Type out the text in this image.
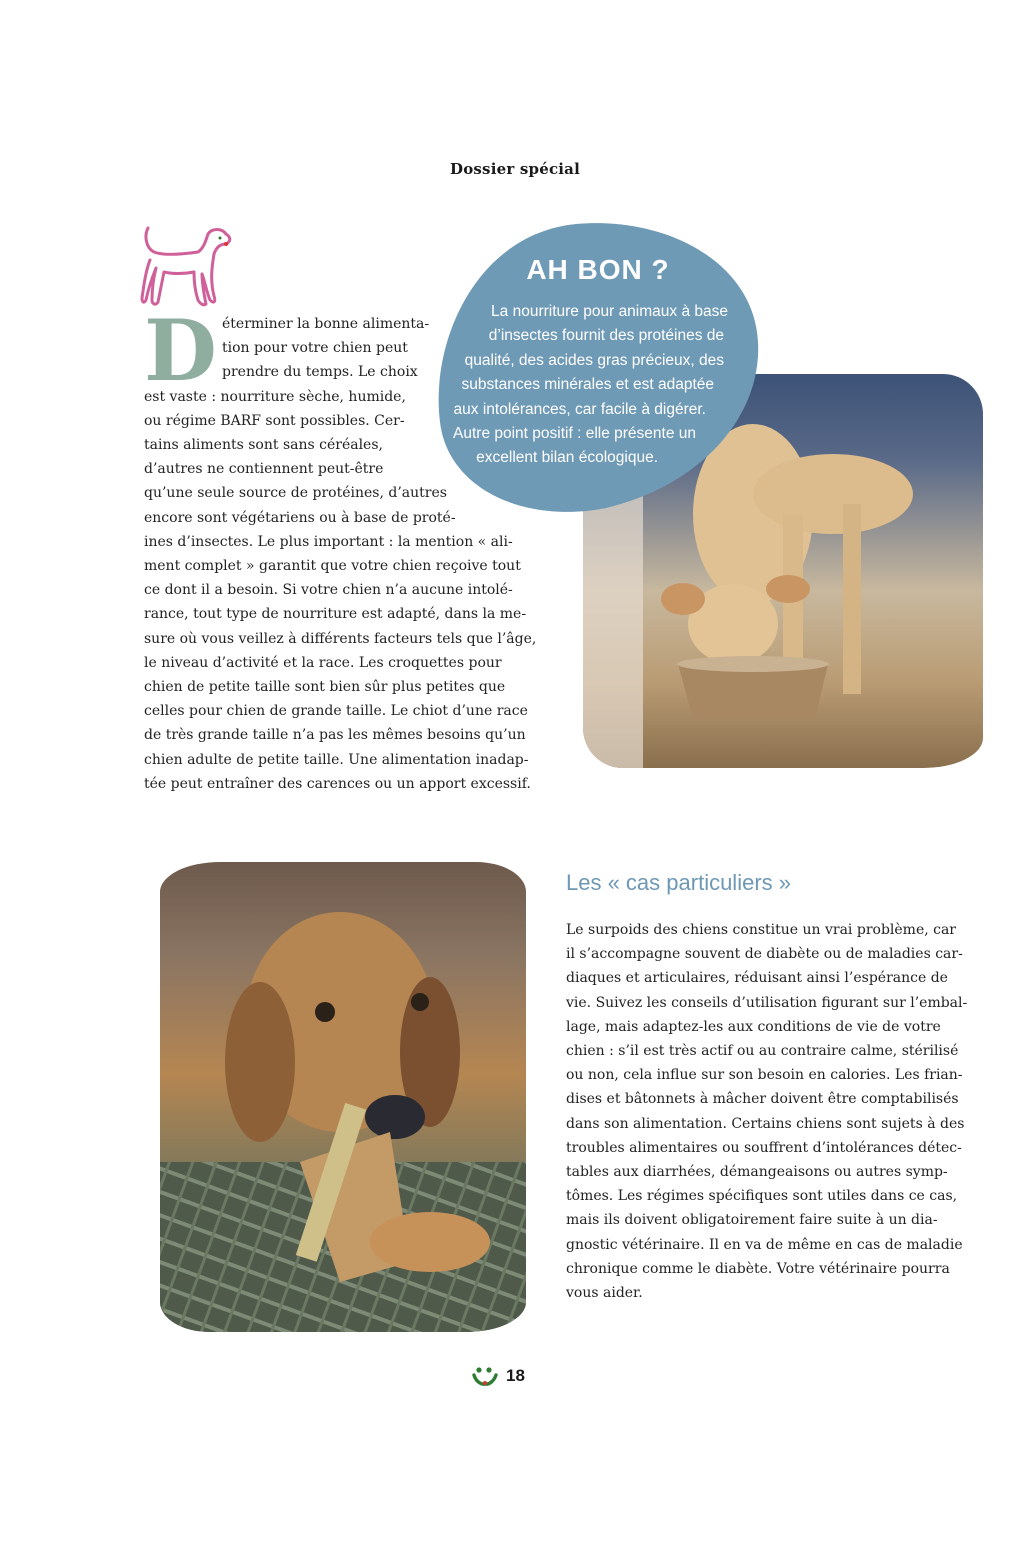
Dossier spécial
D éterminer la bonne alimenta-
tion pour votre chien peut
prendre du temps. Le choix
est vaste : nourriture sèche, humide,
ou régime BARF sont possibles. Cer-
tains aliments sont sans céréales,
d’autres ne contiennent peut-être
qu’une seule source de protéines, d’autres
encore sont végétariens ou à base de proté-
ines d’insectes. Le plus important : la mention « ali-
ment complet » garantit que votre chien reçoive tout
ce dont il a besoin. Si votre chien n’a aucune intolé-
rance, tout type de nourriture est adapté, dans la me-
sure où vous veillez à différents facteurs tels que l’âge,
le niveau d’activité et la race. Les croquettes pour
chien de petite taille sont bien sûr plus petites que
celles pour chien de grande taille. Le chiot d’une race
de très grande taille n’a pas les mêmes besoins qu’un
chien adulte de petite taille. Une alimentation inadap-
tée peut entraîner des carences ou un apport excessif.
AH BON ?
La nourriture pour animaux à base
d’insectes fournit des protéines de
qualité, des acides gras précieux, des
substances minérales et est adaptée
aux intolérances, car facile à digérer.
Autre point positif : elle présente un
excellent bilan écologique.
Les « cas particuliers »
Le surpoids des chiens constitue un vrai problème, car
il s’accompagne souvent de diabète ou de maladies car-
diaques et articulaires, réduisant ainsi l’espérance de
vie. Suivez les conseils d’utilisation figurant sur l’embal-
lage, mais adaptez-les aux conditions de vie de votre
chien : s’il est très actif ou au contraire calme, stérilisé
ou non, cela influe sur son besoin en calories. Les frian-
dises et bâtonnets à mâcher doivent être comptabilisés
dans son alimentation. Certains chiens sont sujets à des
troubles alimentaires ou souffrent d’intolérances détec-
tables aux diarrhées, démangeaisons ou autres symp-
tômes. Les régimes spécifiques sont utiles dans ce cas,
mais ils doivent obligatoirement faire suite à un dia-
gnostic vétérinaire. Il en va de même en cas de maladie
chronique comme le diabète. Votre vétérinaire pourra
vous aider.
18
